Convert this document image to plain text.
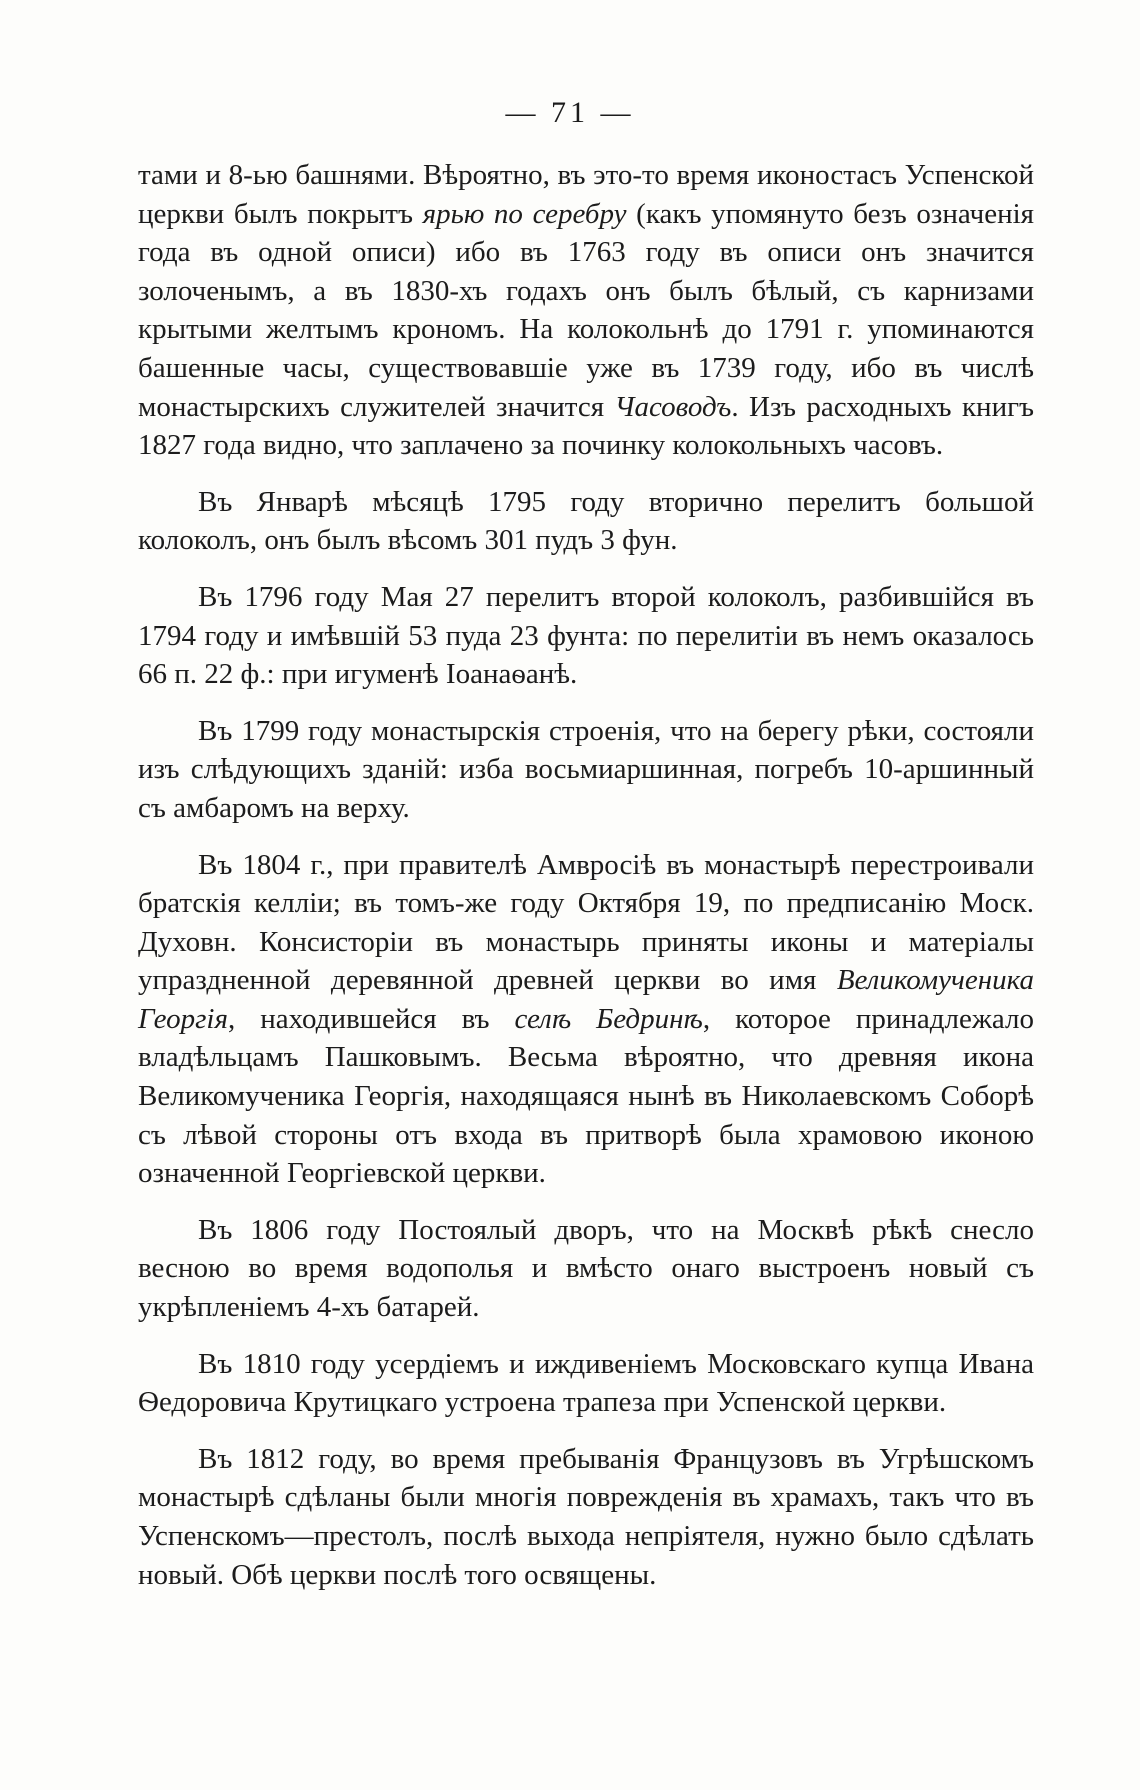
— 71 —

тами и 8-ью башнями. Вѣроятно, въ это-то время иконостасъ Успенской церкви былъ покрытъ ярью по серебру (какъ упомянуто безъ означенія года въ одной описи) ибо въ 1763 году въ описи онъ значится золоченымъ, а въ 1830-хъ годахъ онъ былъ бѣлый, съ карнизами крытыми желтымъ крономъ. На колокольнѣ до 1791 г. упоминаются башенные часы, существовавшіе уже въ 1739 году, ибо въ числѣ монастырскихъ служителей значится Часоводъ. Изъ расходныхъ книгъ 1827 года видно, что заплачено за починку колокольныхъ часовъ.

Въ Январѣ мѣсяцѣ 1795 году вторично перелитъ большой колоколъ, онъ былъ вѣсомъ 301 пудъ 3 фун.

Въ 1796 году Мая 27 перелитъ второй колоколъ, разбившійся въ 1794 году и имѣвшій 53 пуда 23 фунта: по перелитіи въ немъ оказалось 66 п. 22 ф.: при игуменѣ Іоанаѳанѣ.

Въ 1799 году монастырскія строенія, что на берегу рѣки, состояли изъ слѣдующихъ зданій: изба восьмиаршинная, погребъ 10-аршинный съ амбаромъ на верху.

Въ 1804 г., при правителѣ Амвросіѣ въ монастырѣ перестроивали братскія келліи; въ томъ-же году Октября 19, по предписанію Моск. Духовн. Консисторіи въ монастырь приняты иконы и матеріалы упраздненной деревянной древней церкви во имя Великомученика Георгія, находившейся въ селѣ Бедринѣ, которое принадлежало владѣльцамъ Пашковымъ. Весьма вѣроятно, что древняя икона Великомученика Георгія, находящаяся нынѣ въ Николаевскомъ Соборѣ съ лѣвой стороны отъ входа въ притворѣ была храмовою иконою означенной Георгіевской церкви.

Въ 1806 году Постоялый дворъ, что на Москвѣ рѣкѣ снесло весною во время водополья и вмѣсто онаго выстроенъ новый съ укрѣпленіемъ 4-хъ батарей.

Въ 1810 году усердіемъ и иждивеніемъ Московскаго купца Ивана Ѳедоровича Крутицкаго устроена трапеза при Успенской церкви.

Въ 1812 году, во время пребыванія Французовъ въ Угрѣшскомъ монастырѣ сдѣланы были многія поврежденія въ храмахъ, такъ что въ Успенскомъ—престолъ, послѣ выхода непріятеля, нужно было сдѣлать новый. Обѣ церкви послѣ того освящены.
